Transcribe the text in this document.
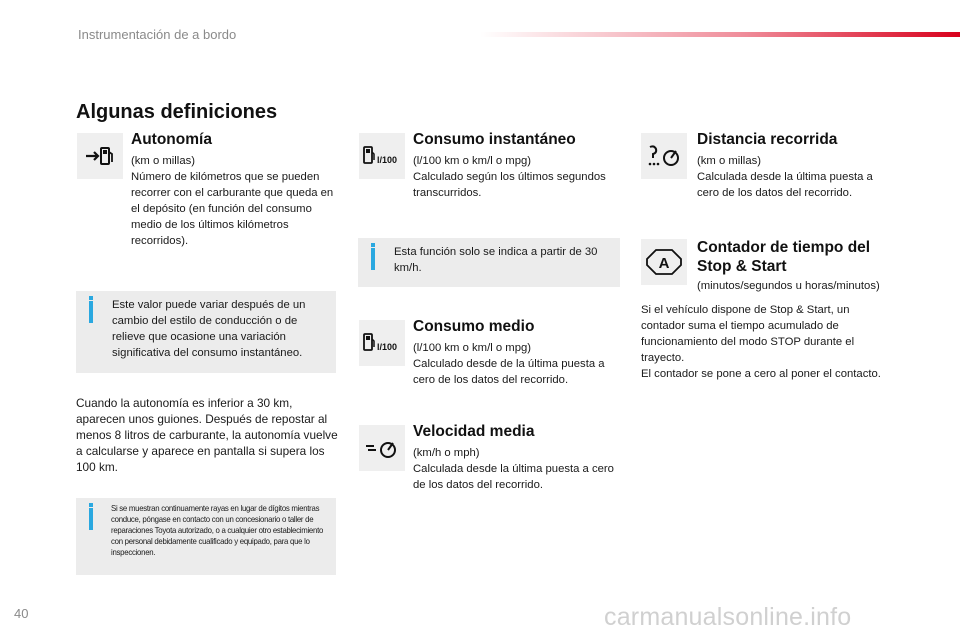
Instrumentación de a bordo
Algunas definiciones
Autonomía
(km o millas)
Número de kilómetros que se pueden recorrer con el carburante que queda en el depósito (en función del consumo medio de los últimos kilómetros recorridos).
Este valor puede variar después de un cambio del estilo de conducción o de relieve que ocasione una variación significativa del consumo instantáneo.
Cuando la autonomía es inferior a 30 km, aparecen unos guiones. Después de repostar al menos 8 litros de carburante, la autonomía vuelve a calcularse y aparece en pantalla si supera los 100 km.
Si se muestran continuamente rayas en lugar de dígitos mientras conduce, póngase en contacto con un concesionario o taller de reparaciones Toyota autorizado, o a cualquier otro establecimiento con personal debidamente cualificado y equipado, para que lo inspeccionen.
l/100
Consumo instantáneo
(l/100 km o km/l o mpg)
Calculado según los últimos segundos transcurridos.
Esta función solo se indica a partir de 30 km/h.
l/100
Consumo medio
(l/100 km o km/l o mpg)
Calculado desde de la última puesta a cero de los datos del recorrido.
Velocidad media
(km/h o mph)
Calculada desde la última puesta a cero de los datos del recorrido.
Distancia recorrida
(km o millas)
Calculada desde la última puesta a cero de los datos del recorrido.
A
Contador de tiempo del Stop & Start
(minutos/segundos u horas/minutos)
Si el vehículo dispone de Stop & Start, un contador suma el tiempo acumulado de funcionamiento del modo STOP durante el trayecto.
El contador se pone a cero al poner el contacto.
40	carmanualsonline.info
